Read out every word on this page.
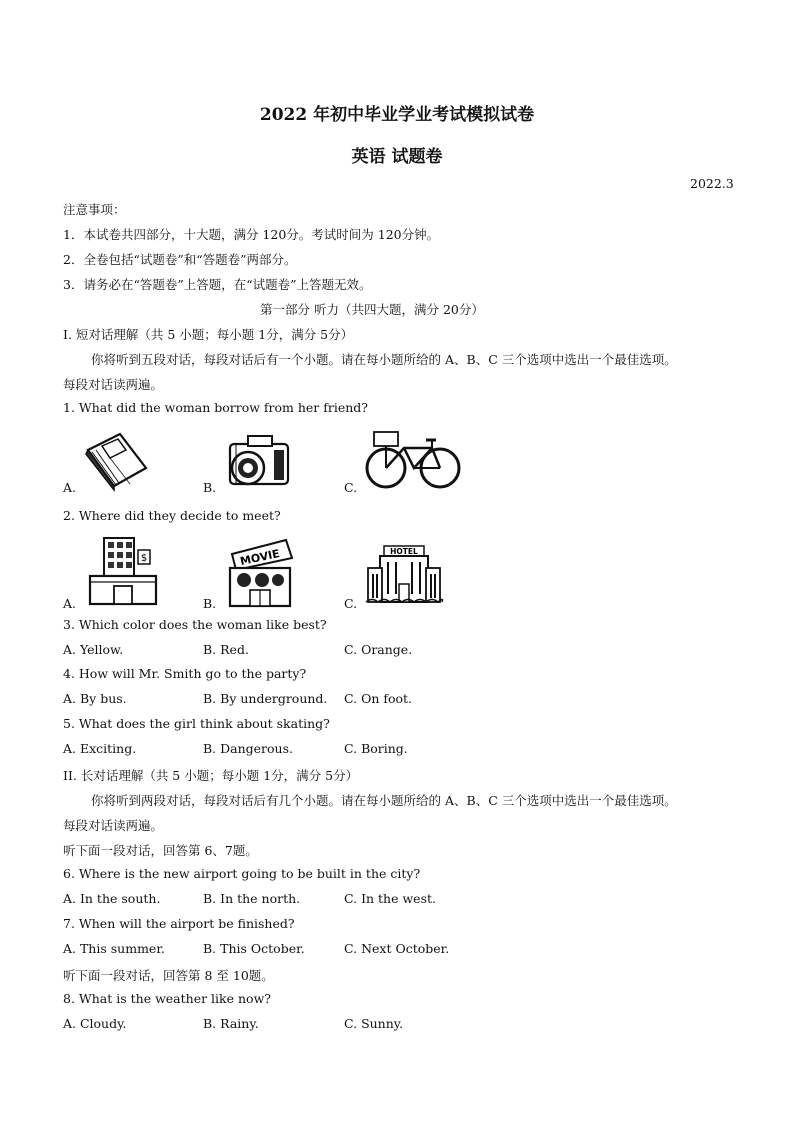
2022 年初中毕业学业考试模拟试卷
英语 试题卷
2022.3
注意事项：
1．本试卷共四部分，十大题，满分 120分。考试时间为 120分钟。
2．全卷包括“试题卷”和“答题卷”两部分。
3．请务必在“答题卷”上答题，在“试题卷”上答题无效。
第一部分 听力（共四大题，满分 20分）
I. 短对话理解（共 5 小题；每小题 1分，满分 5分）
你将听到五段对话，每段对话后有一个小题。请在每小题所给的 A、B、C 三个选项中选出一个最佳选项。
每段对话读两遍。
1. What did the woman borrow from her friend?
A.	B.	C.
2. Where did they decide to meet?
A.	B.	C.
$	MOVIE	HOTEL
3. Which color does the woman like best?
A. Yellow.	B. Red.	C. Orange.
4. How will Mr. Smith go to the party?
A. By bus.	B. By underground. C. On foot.
5. What does the girl think about skating?
A. Exciting.	B. Dangerous.	C. Boring.
II. 长对话理解（共 5 小题；每小题 1分，满分 5分）
你将听到两段对话，每段对话后有几个小题。请在每小题所给的 A、B、C 三个选项中选出一个最佳选项。
每段对话读两遍。
听下面一段对话，回答第 6、7题。
6. Where is the new airport going to be built in the city?
A. In the south.	B. In the north.	C. In the west.
7. When will the airport be finished?
A. This summer.	B. This October.	C. Next October.
听下面一段对话，回答第 8 至 10题。
8. What is the weather like now?
A. Cloudy.	B. Rainy.	C. Sunny.
